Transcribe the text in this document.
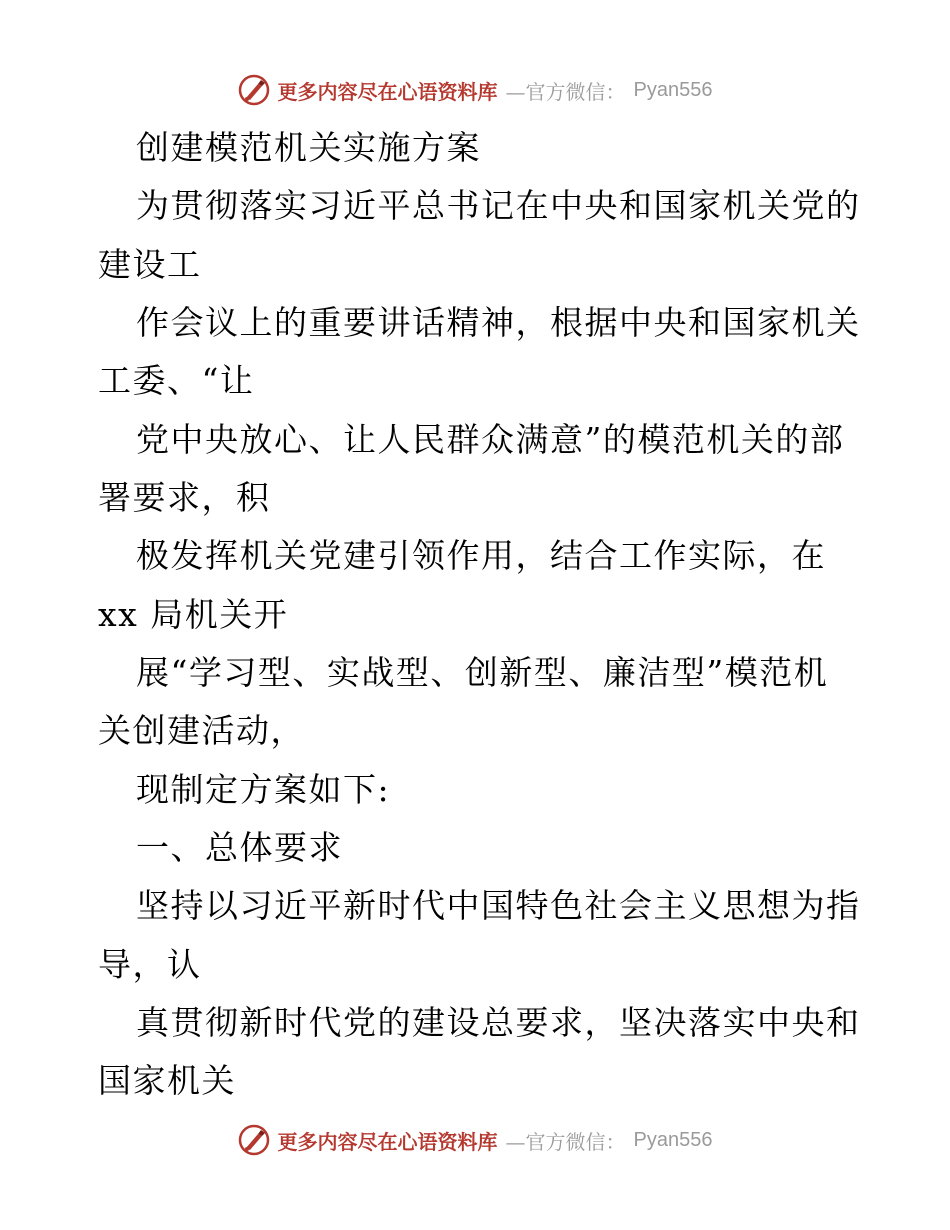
更多内容尽在心语资料库 —官方微信： Pyan556
创建模范机关实施方案
为贯彻落实习近平总书记在中央和国家机关党的
建设工
作会议上的重要讲话精神，根据中央和国家机关
工委、“让
党中央放心、让人民群众满意”的模范机关的部
署要求，积
极发挥机关党建引领作用，结合工作实际，在
xx 局机关开
展“学习型、实战型、创新型、廉洁型”模范机
关创建活动，
现制定方案如下:
一、总体要求
坚持以习近平新时代中国特色社会主义思想为指
导，认
真贯彻新时代党的建设总要求，坚决落实中央和
国家机关
更多内容尽在心语资料库 —官方微信： Pyan556
